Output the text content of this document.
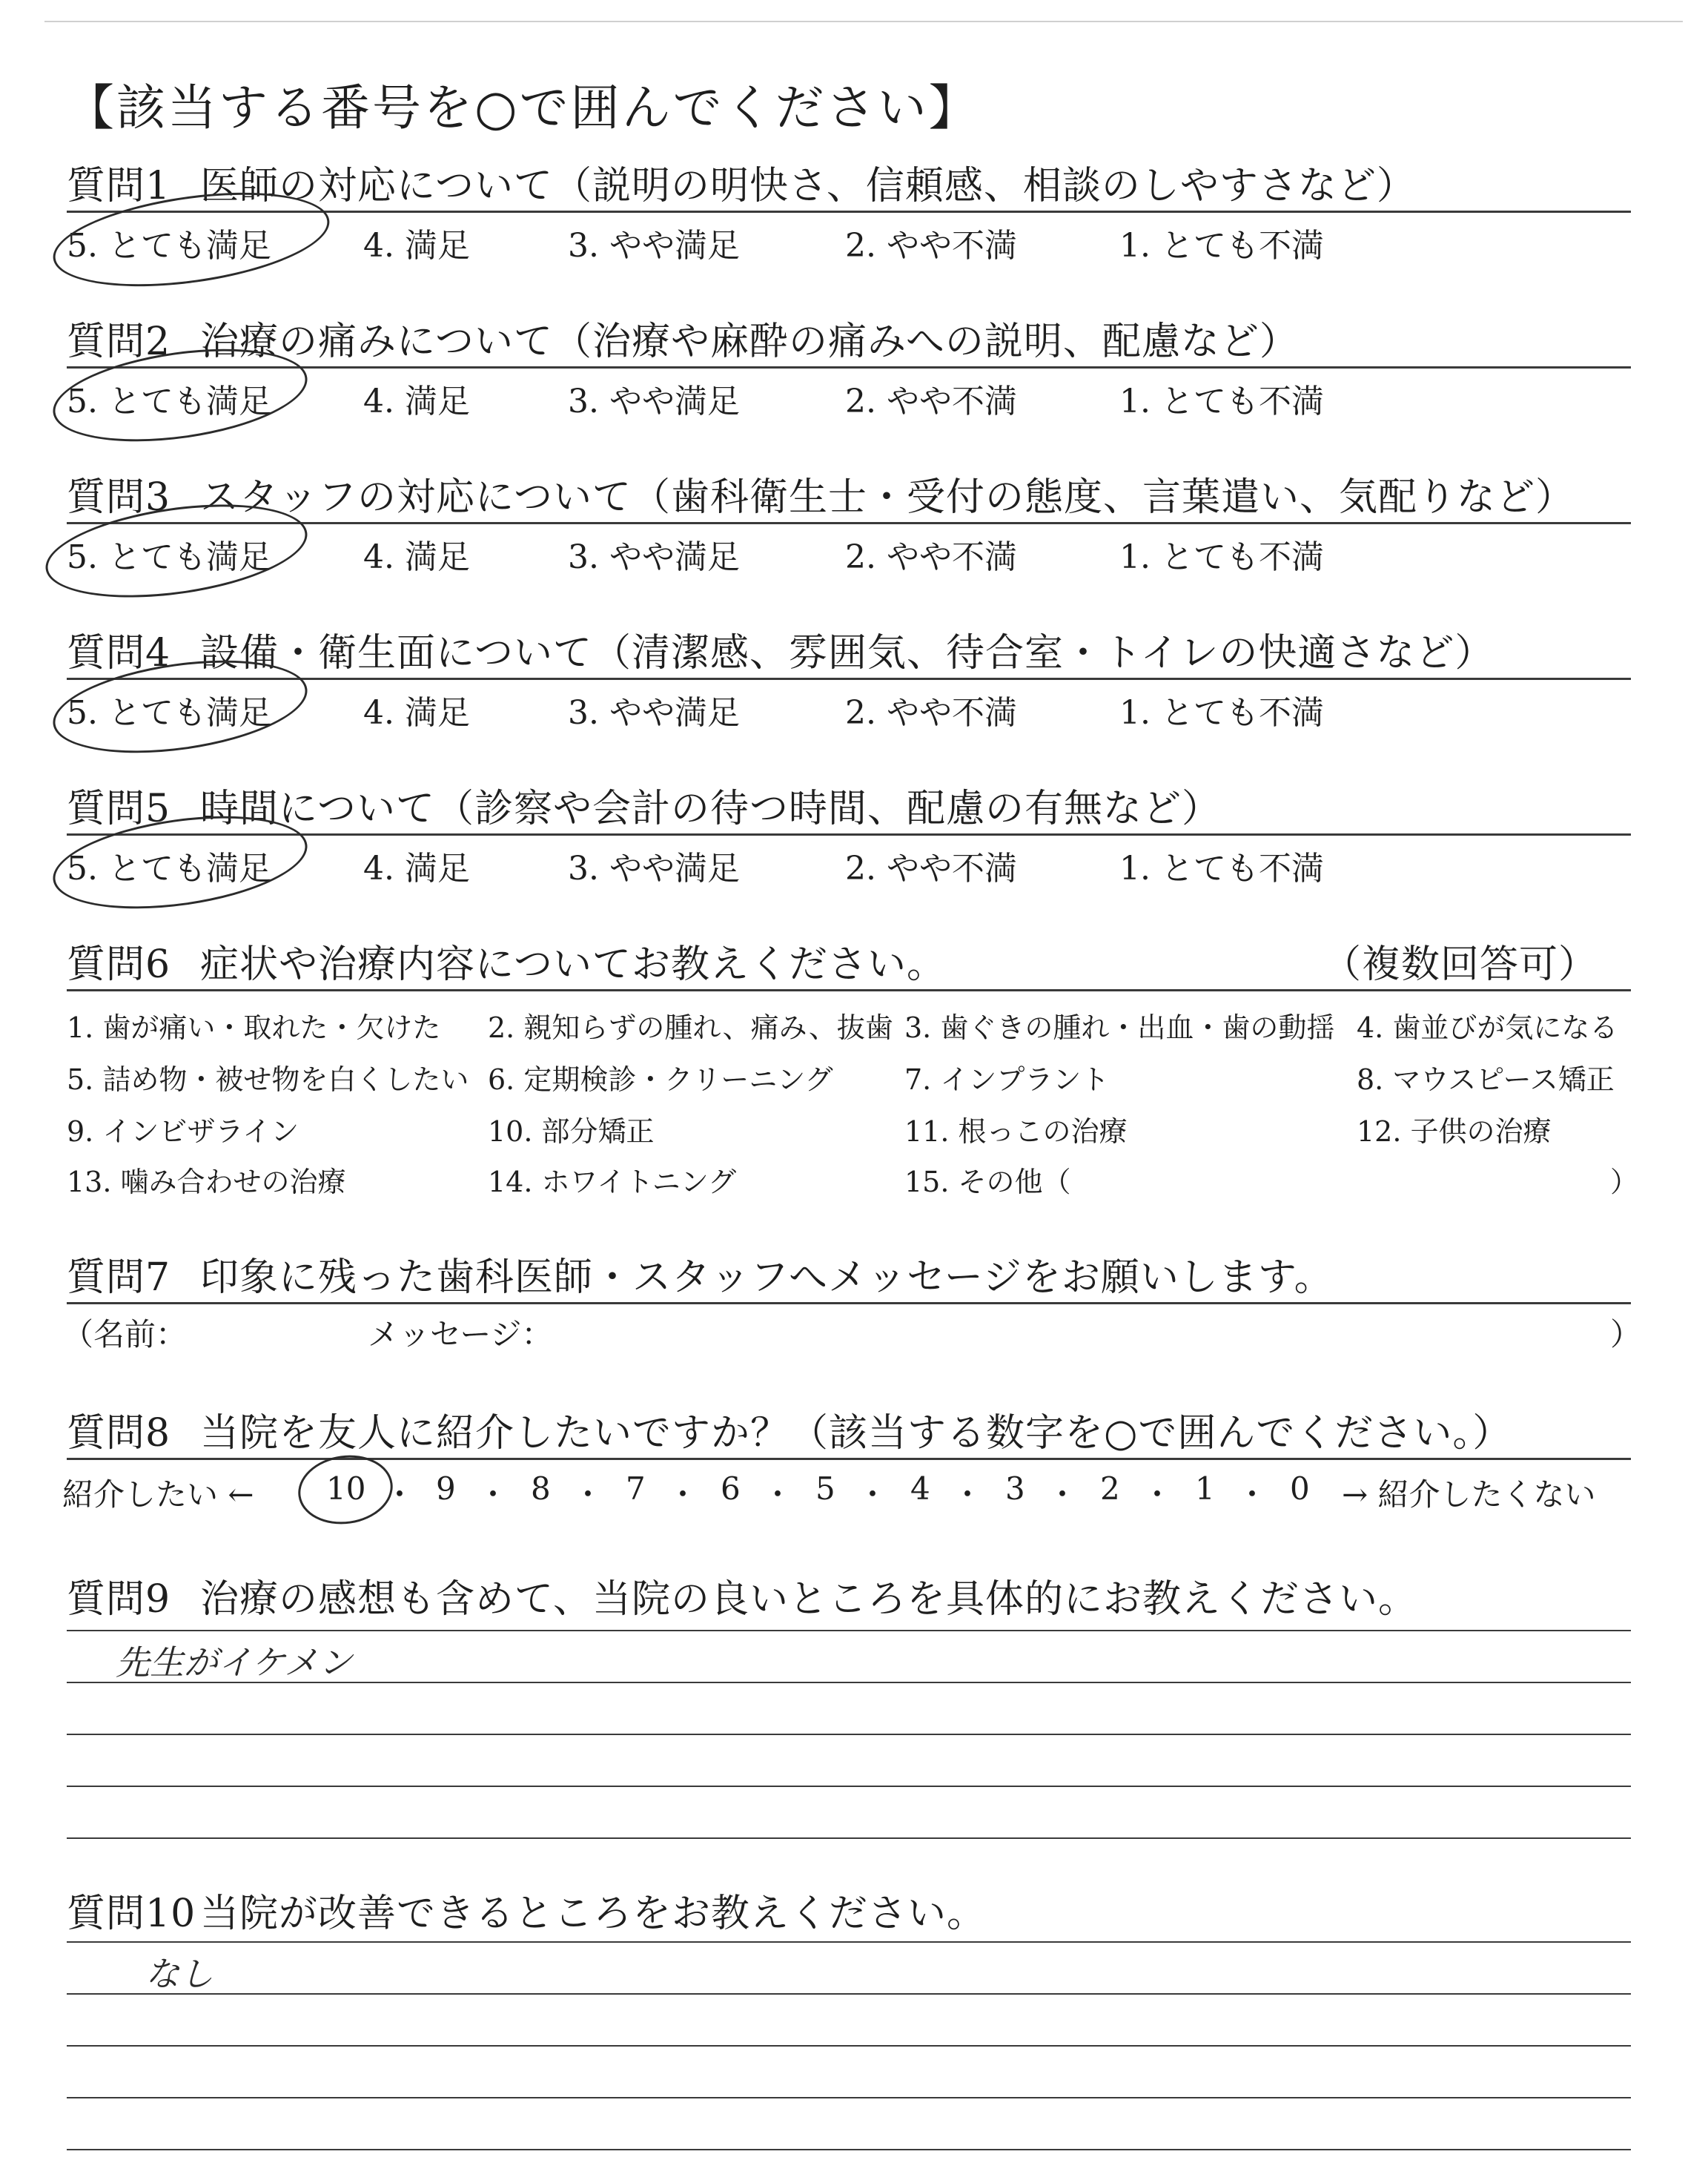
【該当する番号を○で囲んでください】
質問1 医師の対応について（説明の明快さ、信頼感、相談のしやすさなど）
5. とても満足	4. 満足	3. やや満足	2. やや不満	1. とても不満
質問2 治療の痛みについて（治療や麻酔の痛みへの説明、配慮など）
5. とても満足	4. 満足	3. やや満足	2. やや不満	1. とても不満
質問3 スタッフの対応について（歯科衛生士・受付の態度、言葉遣い、気配りなど）
5. とても満足	4. 満足	3. やや満足	2. やや不満	1. とても不満
質問4 設備・衛生面について（清潔感、雰囲気、待合室・トイレの快適さなど）
5. とても満足	4. 満足	3. やや満足	2. やや不満	1. とても不満
質問5 時間について（診察や会計の待つ時間、配慮の有無など）
5. とても満足	4. 満足	3. やや満足	2. やや不満	1. とても不満
質問6 症状や治療内容についてお教えください。	（複数回答可）
1. 歯が痛い・取れた・欠けた 2. 親知らずの腫れ、痛み、抜歯 3. 歯ぐきの腫れ・出血・歯の動揺 4. 歯並びが気になる
5. 詰め物・被せ物を白くしたい 6. 定期検診・クリーニング	7. インプラント	8. マウスピース矯正
9. インビザライン	10. 部分矯正	11. 根っこの治療	12. 子供の治療
13. 噛み合わせの治療	14. ホワイトニング	15. その他（	）
質問7 印象に残った歯科医師・スタッフへメッセージをお願いします。
（名前：	メッセージ：	）
質問8 当院を友人に紹介したいですか？（該当する数字を○で囲んでください。）
紹介したい ← 10 ・ 9 ・ 8 ・ 7 ・ 6 ・ 5 ・ 4 ・ 3 ・ 2 ・ 1 ・ 0 → 紹介したくない
質問9 治療の感想も含めて、当院の良いところを具体的にお教えください。
先生がイケメン
質問10 当院が改善できるところをお教えください。
なし
